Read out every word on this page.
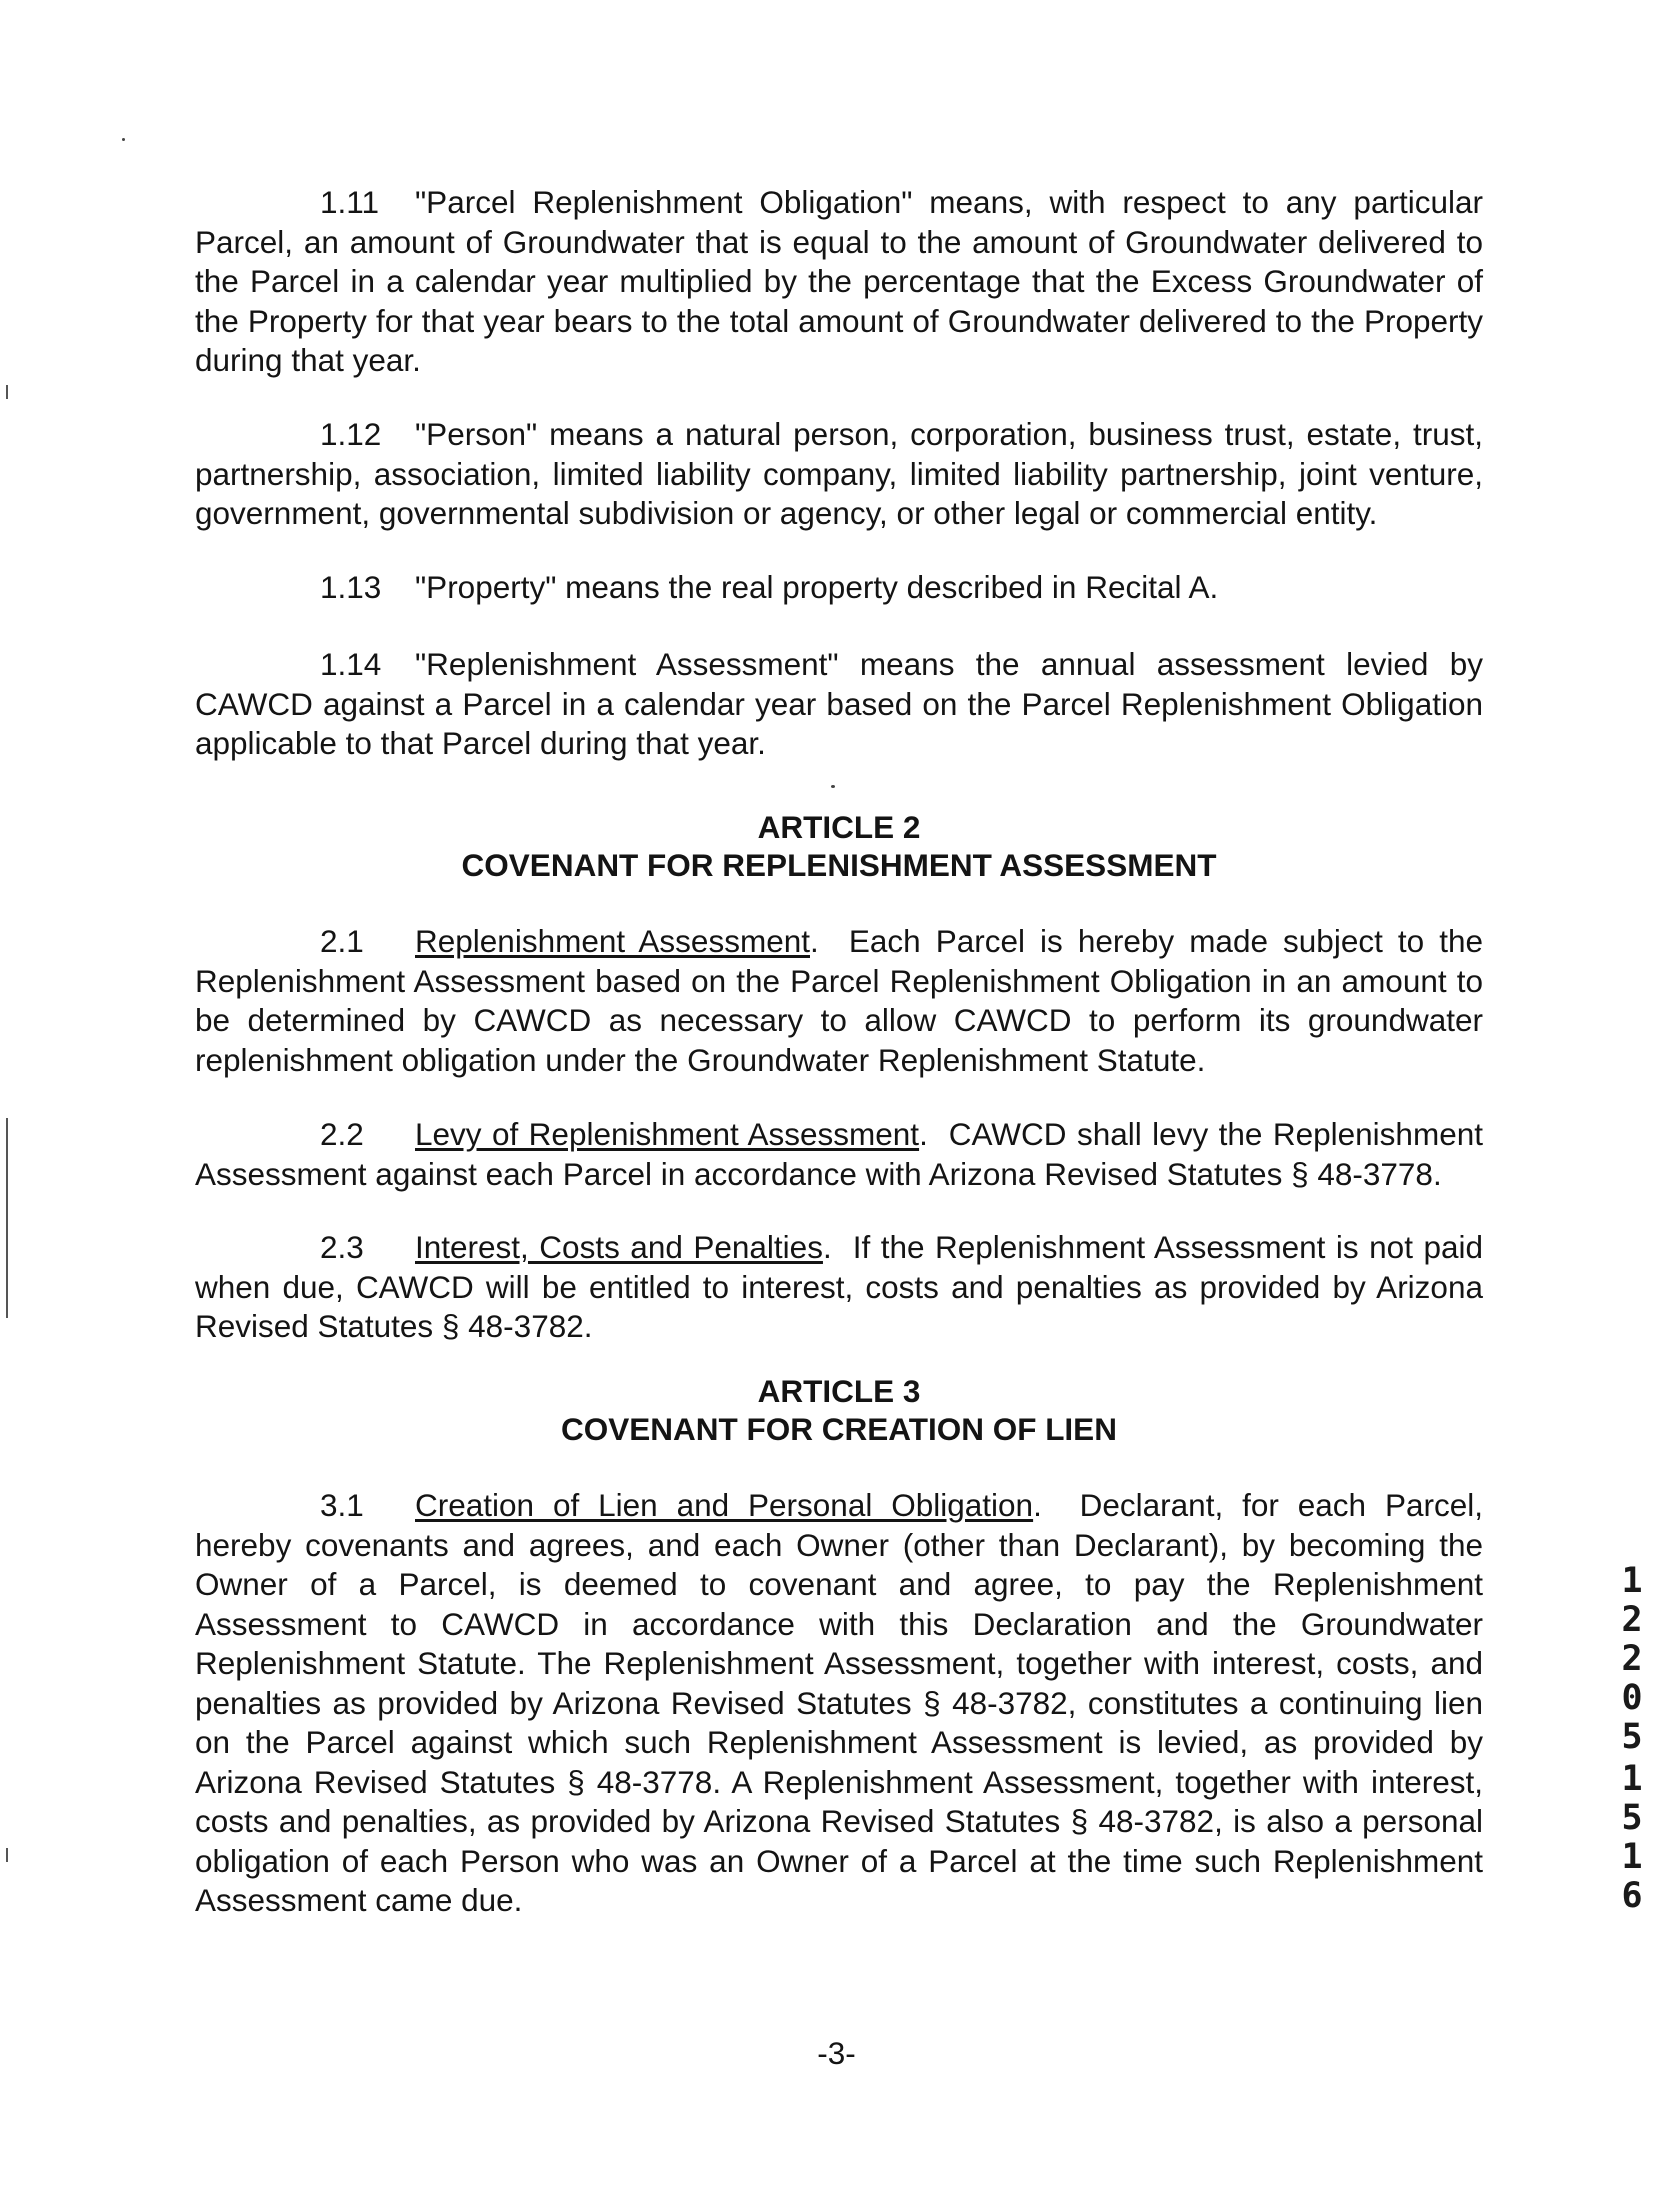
1.11 "Parcel Replenishment Obligation" means, with respect to any particular Parcel, an amount of Groundwater that is equal to the amount of Groundwater delivered to the Parcel in a calendar year multiplied by the percentage that the Excess Groundwater of the Property for that year bears to the total amount of Groundwater delivered to the Property during that year.

1.12 "Person" means a natural person, corporation, business trust, estate, trust, partnership, association, limited liability company, limited liability partnership, joint venture, government, governmental subdivision or agency, or other legal or commercial entity.

1.13 "Property" means the real property described in Recital A.

1.14 "Replenishment Assessment" means the annual assessment levied by CAWCD against a Parcel in a calendar year based on the Parcel Replenishment Obligation applicable to that Parcel during that year.

ARTICLE 2
COVENANT FOR REPLENISHMENT ASSESSMENT

2.1 Replenishment Assessment.  Each Parcel is hereby made subject to the Replenishment Assessment based on the Parcel Replenishment Obligation in an amount to be determined by CAWCD as necessary to allow CAWCD to perform its groundwater replenishment obligation under the Groundwater Replenishment Statute.

2.2 Levy of Replenishment Assessment.  CAWCD shall levy the Replenishment Assessment against each Parcel in accordance with Arizona Revised Statutes § 48-3778.

2.3 Interest, Costs and Penalties.  If the Replenishment Assessment is not paid when due, CAWCD will be entitled to interest, costs and penalties as provided by Arizona Revised Statutes § 48-3782.

ARTICLE 3
COVENANT FOR CREATION OF LIEN

3.1 Creation of Lien and Personal Obligation.  Declarant, for each Parcel, hereby covenants and agrees, and each Owner (other than Declarant), by becoming the Owner of a Parcel, is deemed to covenant and agree, to pay the Replenishment Assessment to CAWCD in accordance with this Declaration and the Groundwater Replenishment Statute. The Replenishment Assessment, together with interest, costs, and penalties as provided by Arizona Revised Statutes § 48-3782, constitutes a continuing lien on the Parcel against which such Replenishment Assessment is levied, as provided by Arizona Revised Statutes § 48-3778. A Replenishment Assessment, together with interest, costs and penalties, as provided by Arizona Revised Statutes § 48-3782, is also a personal obligation of each Person who was an Owner of a Parcel at the time such Replenishment Assessment came due.

1
2
2
0
5
1
5
1
6
-3-
